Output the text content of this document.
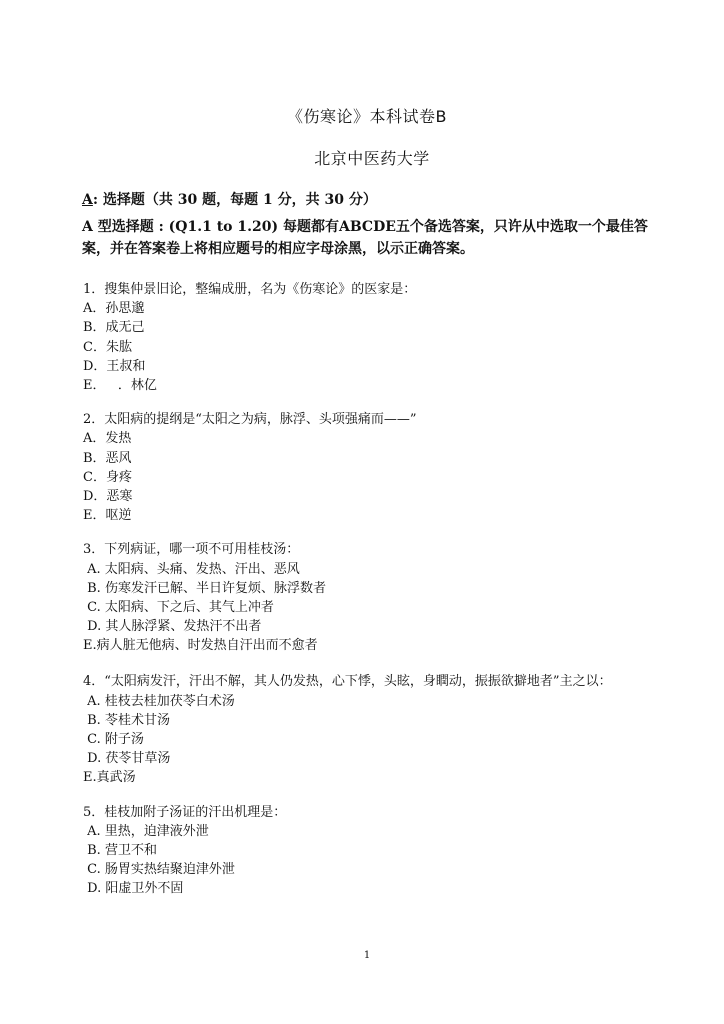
《伤寒论》本科试卷B
北京中医药大学
A: 选择题（共 30 题，每题 1 分，共 30 分）
A 型选择题 : (Q1.1 to 1.20) 每题都有ABCDE五个备选答案，只许从中选取一个最佳答案，并在答案卷上将相应题号的相应字母涂黑，以示正确答案。

1．搜集仲景旧论，整编成册，名为《伤寒论》的医家是：

A．孙思邈
B．成无己
C．朱肱
D．王叔和
E．   ．林亿

2．太阳病的提纲是“太阳之为病，脉浮、头项强痛而——”

A．发热
B．恶风
C．身疼
D．恶寒
E．呕逆

3．下列病证，哪一项不可用桂枝汤：

A. 太阳病、头痛、发热、汗出、恶风
B. 伤寒发汗已解、半日许复烦、脉浮数者
C. 太阳病、下之后、其气上冲者
D. 其人脉浮紧、发热汗不出者
E.病人脏无他病、时发热自汗出而不愈者

4．“太阳病发汗，汗出不解，其人仍发热，心下悸，头眩，身瞤动，振振欲擗地者”主之以：

A. 桂枝去桂加茯苓白术汤
B. 苓桂术甘汤
C. 附子汤
D. 茯苓甘草汤
E.真武汤

5．桂枝加附子汤证的汗出机理是：

A. 里热，迫津液外泄
B. 营卫不和
C. 肠胃实热结聚迫津外泄
D. 阳虚卫外不固
1
